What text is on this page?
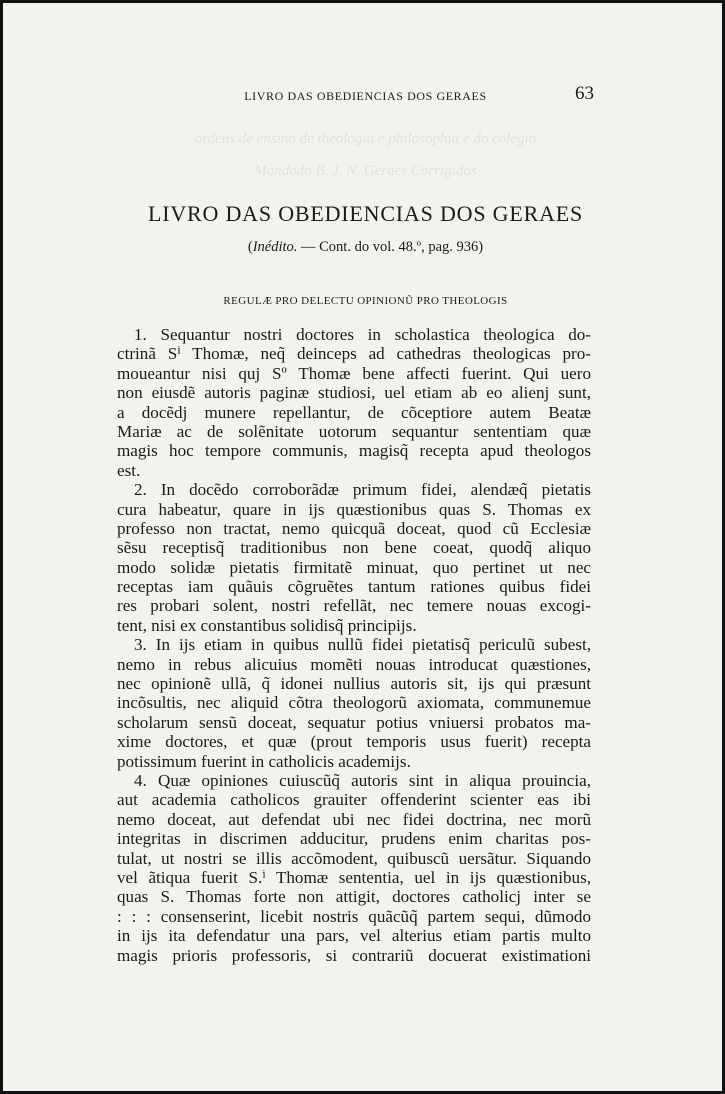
ordens de ensino de theologia e philosophia e do colegio
Mandado B. J. N. Geraes Corrigidas
LIVRO DAS OBEDIENCIAS DOS GERAES	63
LIVRO DAS OBEDIENCIAS DOS GERAES
(Inédito. — Cont. do vol. 48.º, pag. 936)
REGULÆ PRO DELECTU OPINIONŨ PRO THEOLOGIS
1. Sequantur nostri doctores in scholastica theologica do-
ctrinã Sⁱ Thomæ, neq̃ deinceps ad cathedras theologicas pro-
moueantur nisi quj Sº Thomæ bene affecti fuerint. Qui uero
non eiusdẽ autoris paginæ studiosi, uel etiam ab eo alienj sunt,
a docẽdj munere repellantur, de cõceptiore autem Beatæ
Mariæ ac de solẽnitate uotorum sequantur sententiam quæ
magis hoc tempore communis, magisq̃ recepta apud theologos
est.
2. In docẽdo corroborãdæ primum fidei, alendæq̃ pietatis
cura habeatur, quare in ijs quæstionibus quas S. Thomas ex
professo non tractat, nemo quicquã doceat, quod cũ Ecclesiæ
sẽsu receptisq̃ traditionibus non bene coeat, quodq̃ aliquo
modo solidæ pietatis firmitatẽ minuat, quo pertinet ut nec
receptas iam quãuis cõgruẽtes tantum rationes quibus fidei
res probari solent, nostri refellãt, nec temere nouas excogi-
tent, nisi ex constantibus solidisq̃ principijs.
3. In ijs etiam in quibus nullũ fidei pietatisq̃ periculũ subest,
nemo in rebus alicuius momẽti nouas introducat quæstiones,
nec opinionẽ ullã, q̃ idonei nullius autoris sit, ijs qui præsunt
incõsultis, nec aliquid cõtra theologorũ axiomata, communemue
scholarum sensũ doceat, sequatur potius vniuersi probatos ma-
xime doctores, et quæ (prout temporis usus fuerit) recepta
potissimum fuerint in catholicis academijs.
4. Quæ opiniones cuiuscũq̃ autoris sint in aliqua prouincia,
aut academia catholicos grauiter offenderint scienter eas ibi
nemo doceat, aut defendat ubi nec fidei doctrina, nec morũ
integritas in discrimen adducitur, prudens enim charitas pos-
tulat, ut nostri se illis accõmodent, quibuscũ uersãtur. Siquando
vel ãtiqua fuerit S.ⁱ Thomæ sententia, uel in ijs quæstionibus,
quas S. Thomas forte non attigit, doctores catholicj inter se
: : : consenserint, licebit nostris quãcũq̃ partem sequi, dũmodo
in ijs ita defendatur una pars, vel alterius etiam partis multo
magis prioris professoris, si contrariũ docuerat existimationi
